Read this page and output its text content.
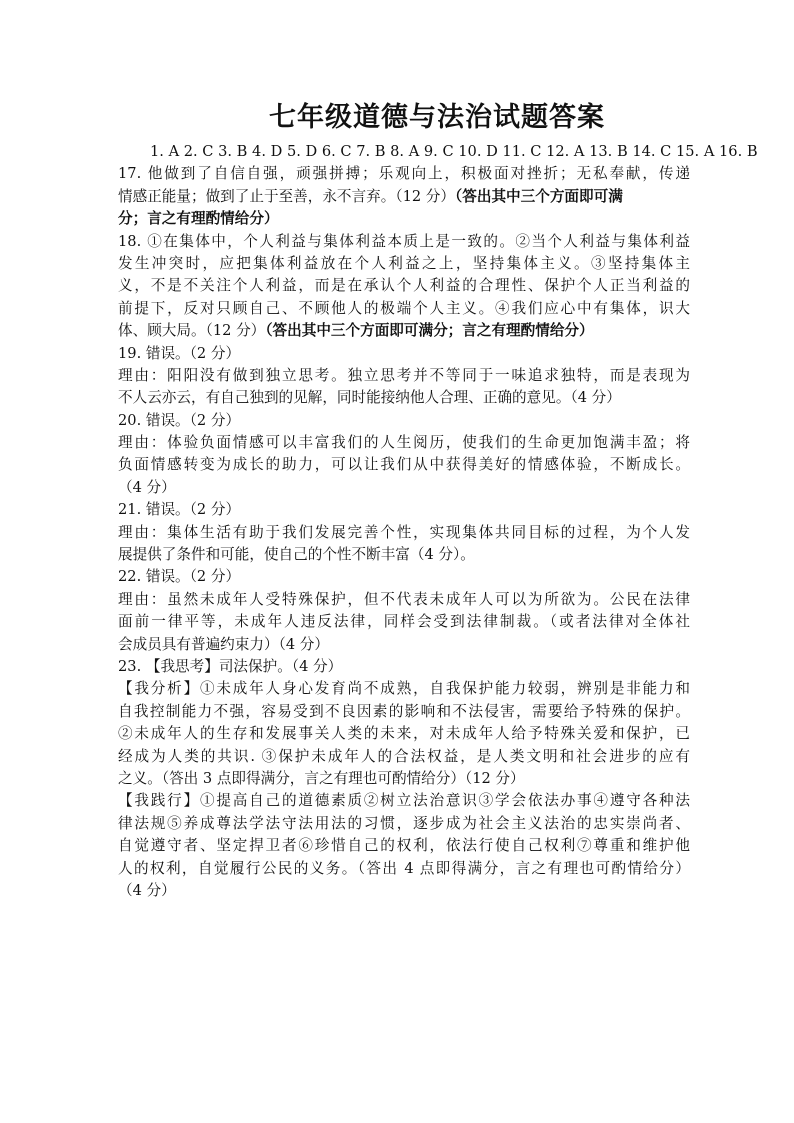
七年级道德与法治试题答案
1. A 2. C 3. B 4. D 5. D 6. C 7. B 8. A 9. C 10. D 11. C 12. A 13. B 14. C 15. A 16. B
17. 他做到了自信自强，顽强拼搏；乐观向上，积极面对挫折；无私奉献，传递
情感正能量；做到了止于至善，永不言弃。（12 分）（答出其中三个方面即可满
分；言之有理酌情给分）
18. ①在集体中，个人利益与集体利益本质上是一致的。②当个人利益与集体利益
发生冲突时，应把集体利益放在个人利益之上，坚持集体主义。③坚持集体主
义，不是不关注个人利益，而是在承认个人利益的合理性、保护个人正当利益的
前提下，反对只顾自己、不顾他人的极端个人主义。④我们应心中有集体，识大
体、顾大局。（12 分）（答出其中三个方面即可满分；言之有理酌情给分）
19. 错误。（2 分）
理由：阳阳没有做到独立思考。独立思考并不等同于一味追求独特，而是表现为
不人云亦云，有自己独到的见解，同时能接纳他人合理、正确的意见。（4 分）
20. 错误。（2 分）
理由：体验负面情感可以丰富我们的人生阅历，使我们的生命更加饱满丰盈；将
负面情感转变为成长的助力，可以让我们从中获得美好的情感体验，不断成长。
（4 分）
21. 错误。（2 分）
理由：集体生活有助于我们发展完善个性，实现集体共同目标的过程，为个人发
展提供了条件和可能，使自己的个性不断丰富（4 分）。
22. 错误。（2 分）
理由：虽然未成年人受特殊保护，但不代表未成年人可以为所欲为。公民在法律
面前一律平等，未成年人违反法律，同样会受到法律制裁。（或者法律对全体社
会成员具有普遍约束力）（4 分）
23. 【我思考】司法保护。（4 分）
【我分析】①未成年人身心发育尚不成熟，自我保护能力较弱，辨别是非能力和
自我控制能力不强，容易受到不良因素的影响和不法侵害，需要给予特殊的保护。
②未成年人的生存和发展事关人类的未来，对未成年人给予特殊关爱和保护，已
经成为人类的共识. ③保护未成年人的合法权益，是人类文明和社会进步的应有
之义。（答出 3 点即得满分，言之有理也可酌情给分）（12 分）
【我践行】①提高自己的道德素质②树立法治意识③学会依法办事④遵守各种法
律法规⑤养成尊法学法守法用法的习惯，逐步成为社会主义法治的忠实崇尚者、
自觉遵守者、坚定捍卫者⑥珍惜自己的权利，依法行使自己权利⑦尊重和维护他
人的权利，自觉履行公民的义务。（答出 4 点即得满分，言之有理也可酌情给分）
（4 分）
